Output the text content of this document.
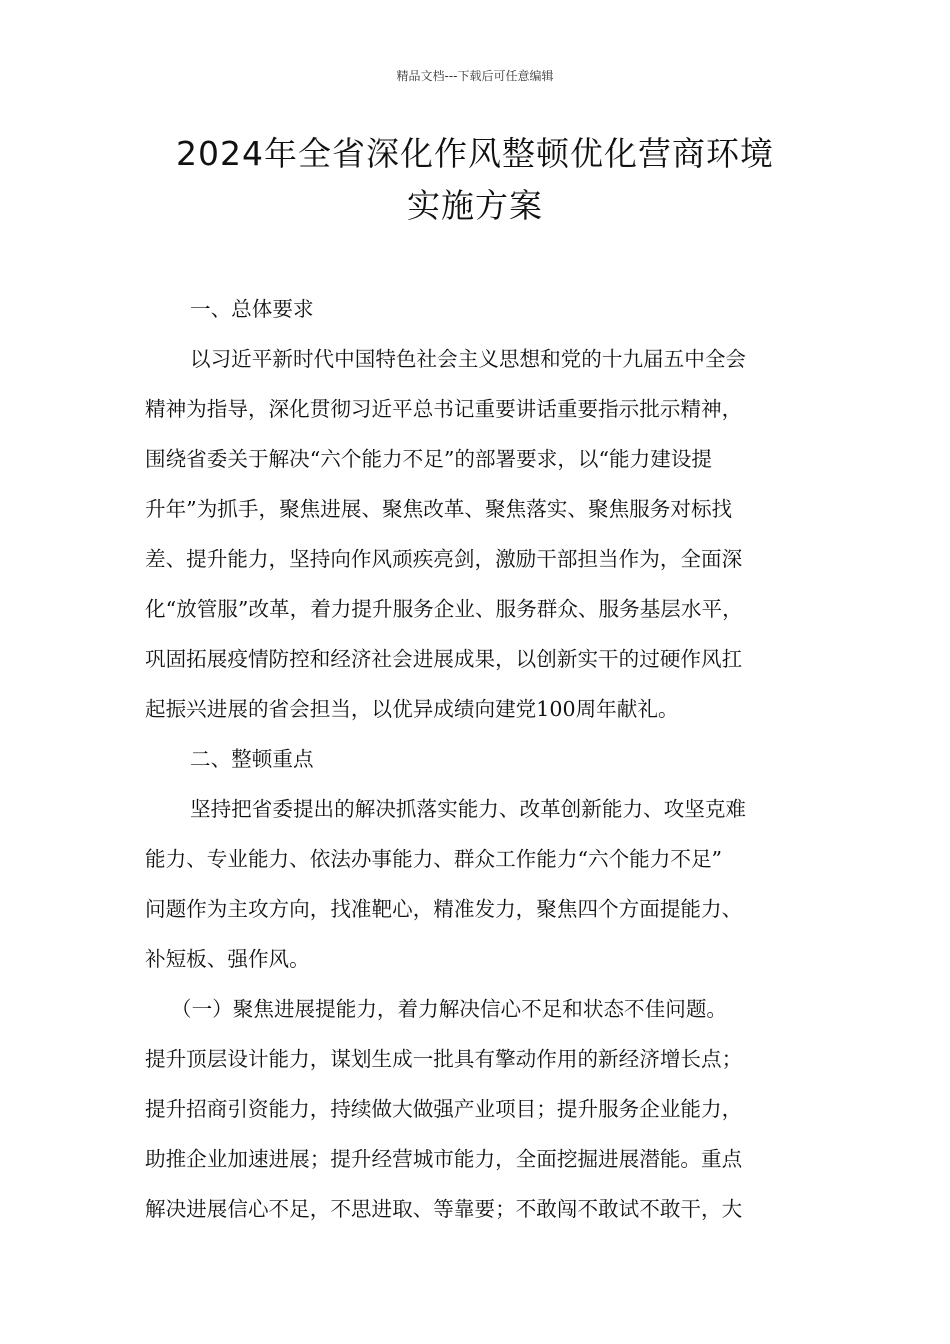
精品文档---下载后可任意编辑
2024年全省深化作风整顿优化营商环境
实施方案
一、总体要求
以习近平新时代中国特色社会主义思想和党的十九届五中全会
精神为指导，深化贯彻习近平总书记重要讲话重要指示批示精神，
围绕省委关于解决“六个能力不足”的部署要求，以“能力建设提
升年”为抓手，聚焦进展、聚焦改革、聚焦落实、聚焦服务对标找
差、提升能力，坚持向作风顽疾亮剑，激励干部担当作为，全面深
化“放管服”改革，着力提升服务企业、服务群众、服务基层水平，
巩固拓展疫情防控和经济社会进展成果，以创新实干的过硬作风扛
起振兴进展的省会担当，以优异成绩向建党100周年献礼。
二、整顿重点
坚持把省委提出的解决抓落实能力、改革创新能力、攻坚克难
能力、专业能力、依法办事能力、群众工作能力“六个能力不足”
问题作为主攻方向，找准靶心，精准发力，聚焦四个方面提能力、
补短板、强作风。
（一）聚焦进展提能力，着力解决信心不足和状态不佳问题。
提升顶层设计能力，谋划生成一批具有擎动作用的新经济增长点；
提升招商引资能力，持续做大做强产业项目；提升服务企业能力，
助推企业加速进展；提升经营城市能力，全面挖掘进展潜能。重点
解决进展信心不足，不思进取、等靠要；不敢闯不敢试不敢干，大
